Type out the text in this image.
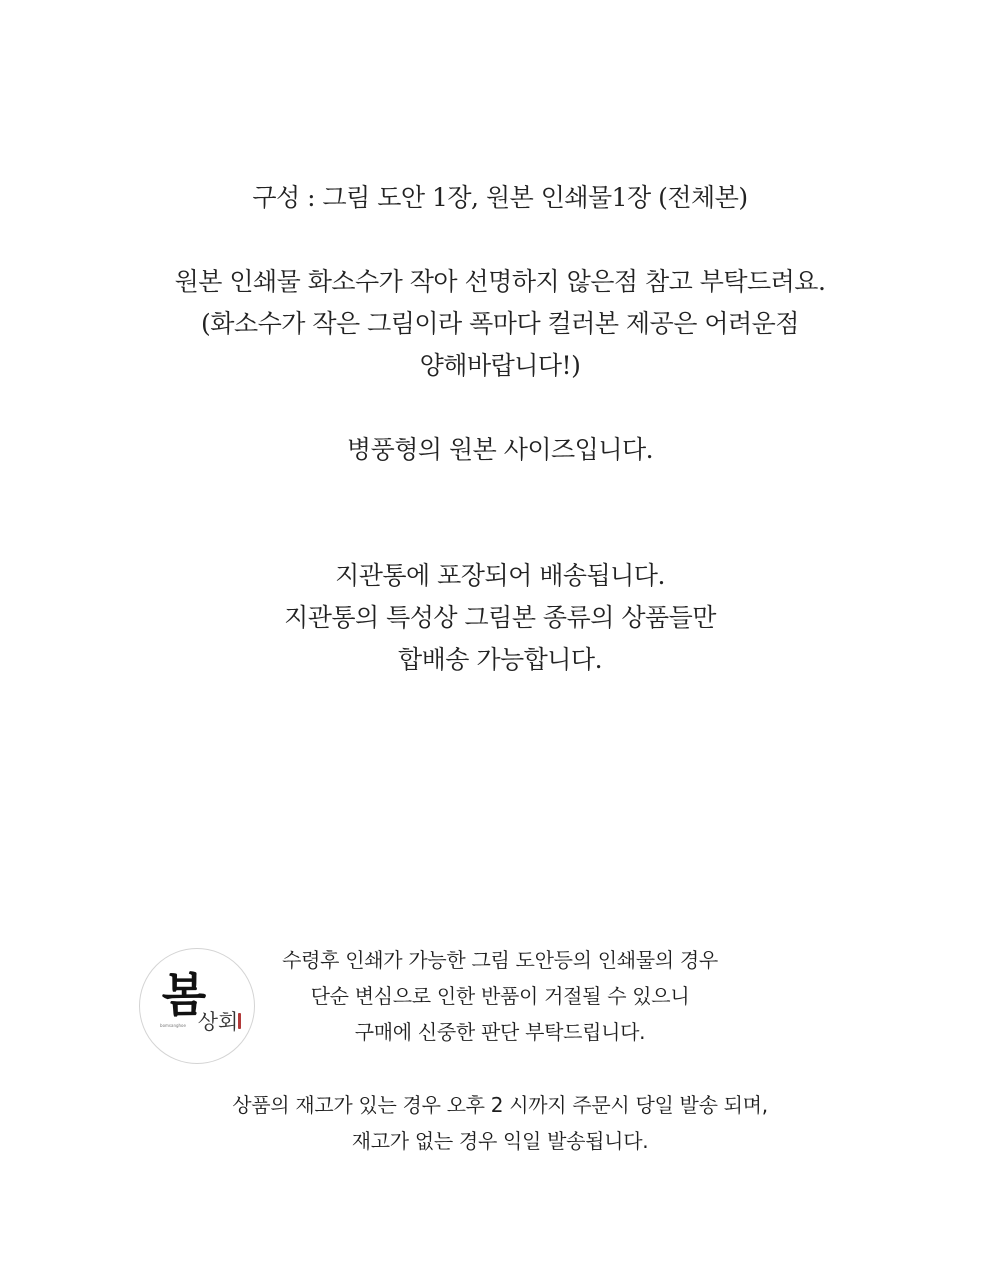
구성 : 그림 도안 1장, 원본 인쇄물1장 (전체본)
원본 인쇄물 화소수가 작아 선명하지 않은점 참고 부탁드려요.
(화소수가 작은 그림이라 폭마다 컬러본 제공은 어려운점
양해바랍니다!)
병풍형의 원본 사이즈입니다.
지관통에 포장되어 배송됩니다.
지관통의 특성상 그림본 종류의 상품들만
합배송 가능합니다.
봄
상회
bomsanghoe
수령후 인쇄가 가능한 그림 도안등의 인쇄물의 경우
단순 변심으로 인한 반품이 거절될 수 있으니
구매에 신중한 판단 부탁드립니다.
상품의 재고가 있는 경우 오후 2 시까지 주문시 당일 발송 되며,
재고가 없는 경우 익일 발송됩니다.
